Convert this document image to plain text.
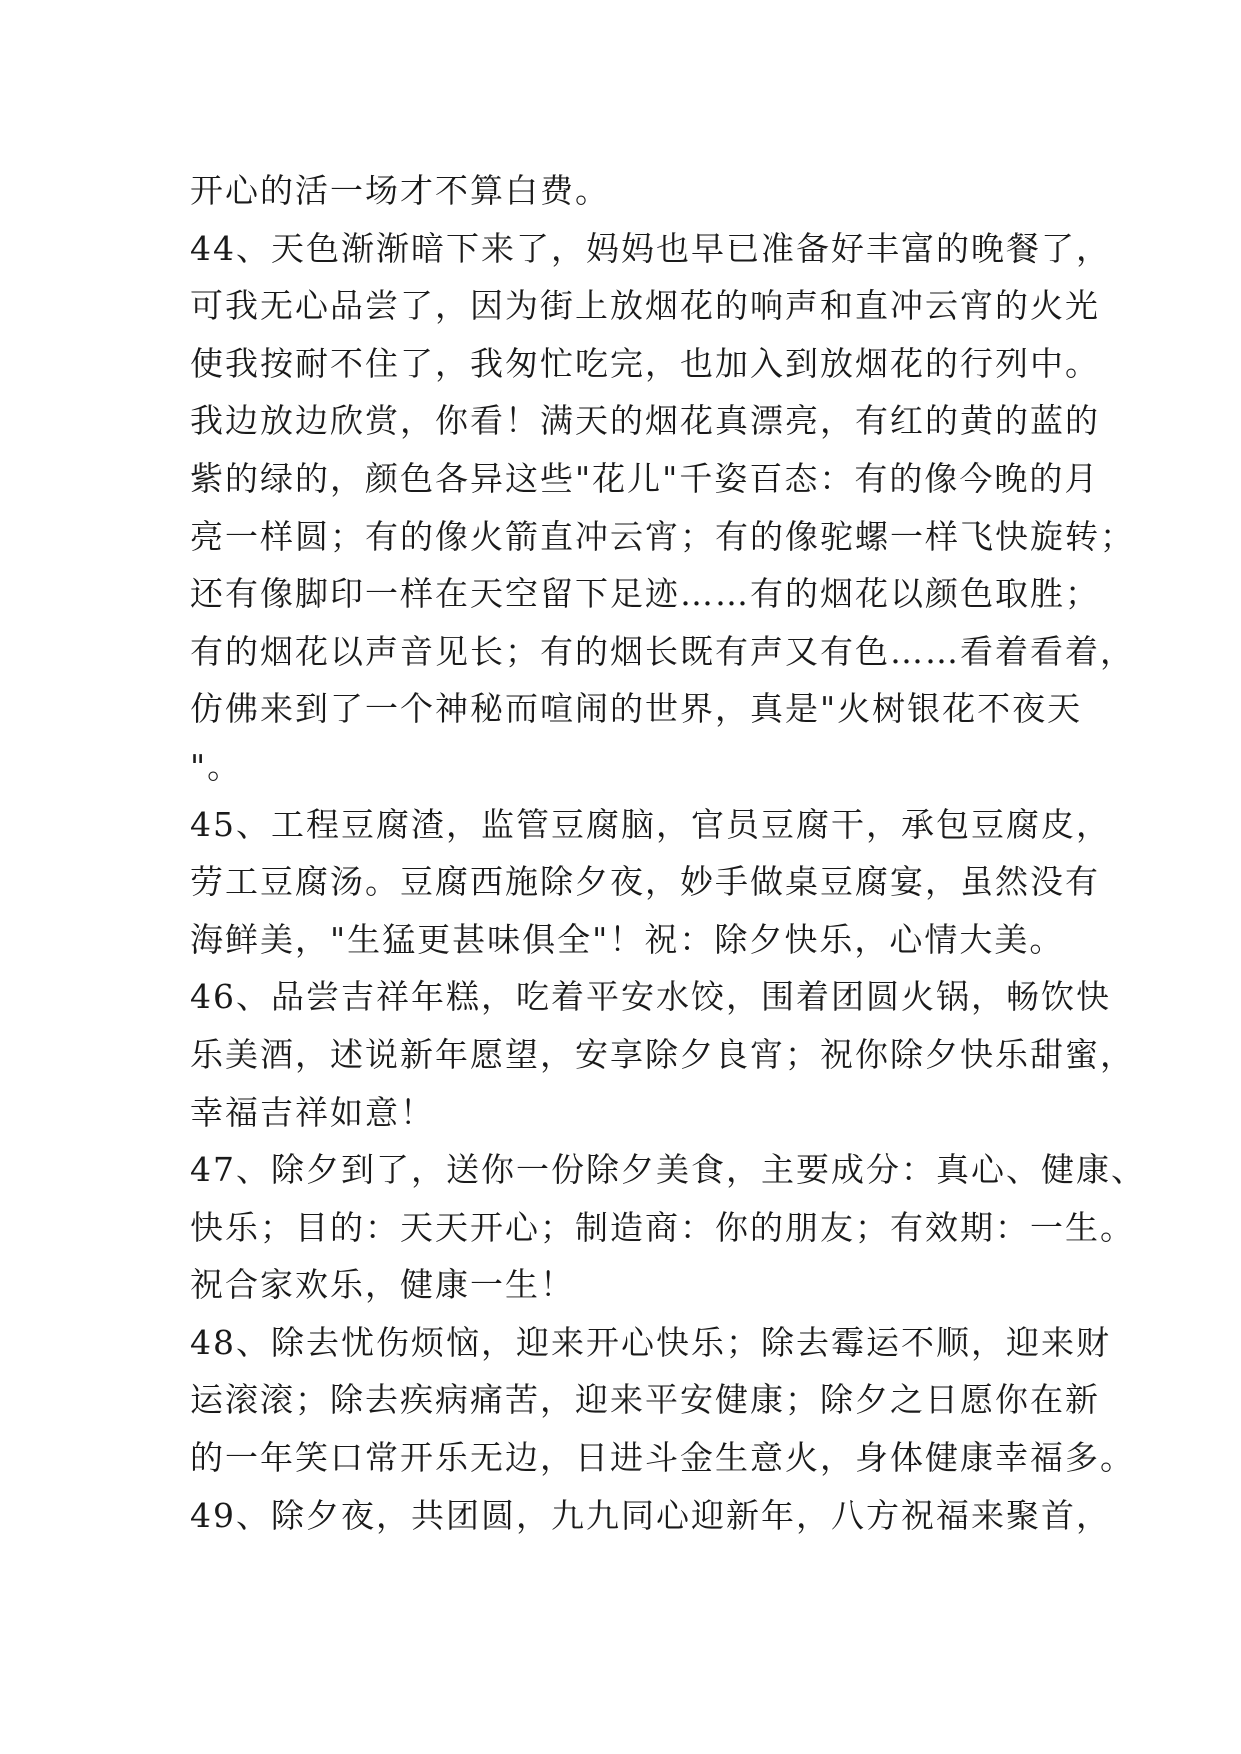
开心的活一场才不算白费。
44、天色渐渐暗下来了，妈妈也早已准备好丰富的晚餐了，
可我无心品尝了，因为街上放烟花的响声和直冲云宵的火光
使我按耐不住了，我匆忙吃完，也加入到放烟花的行列中。
我边放边欣赏，你看！满天的烟花真漂亮，有红的黄的蓝的
紫的绿的，颜色各异这些"花儿"千姿百态：有的像今晚的月
亮一样圆；有的像火箭直冲云宵；有的像驼螺一样飞快旋转；
还有像脚印一样在天空留下足迹……有的烟花以颜色取胜；
有的烟花以声音见长；有的烟长既有声又有色……看着看着，
仿佛来到了一个神秘而喧闹的世界，真是"火树银花不夜天
"。
45、工程豆腐渣，监管豆腐脑，官员豆腐干，承包豆腐皮，
劳工豆腐汤。豆腐西施除夕夜，妙手做桌豆腐宴，虽然没有
海鲜美，"生猛更甚味俱全"！祝：除夕快乐，心情大美。
46、品尝吉祥年糕，吃着平安水饺，围着团圆火锅，畅饮快
乐美酒，述说新年愿望，安享除夕良宵；祝你除夕快乐甜蜜，
幸福吉祥如意！
47、除夕到了，送你一份除夕美食，主要成分：真心、健康、
快乐；目的：天天开心；制造商：你的朋友；有效期：一生。
祝合家欢乐，健康一生！
48、除去忧伤烦恼，迎来开心快乐；除去霉运不顺，迎来财
运滚滚；除去疾病痛苦，迎来平安健康；除夕之日愿你在新
的一年笑口常开乐无边，日进斗金生意火，身体健康幸福多。
49、除夕夜，共团圆，九九同心迎新年，八方祝福来聚首，
